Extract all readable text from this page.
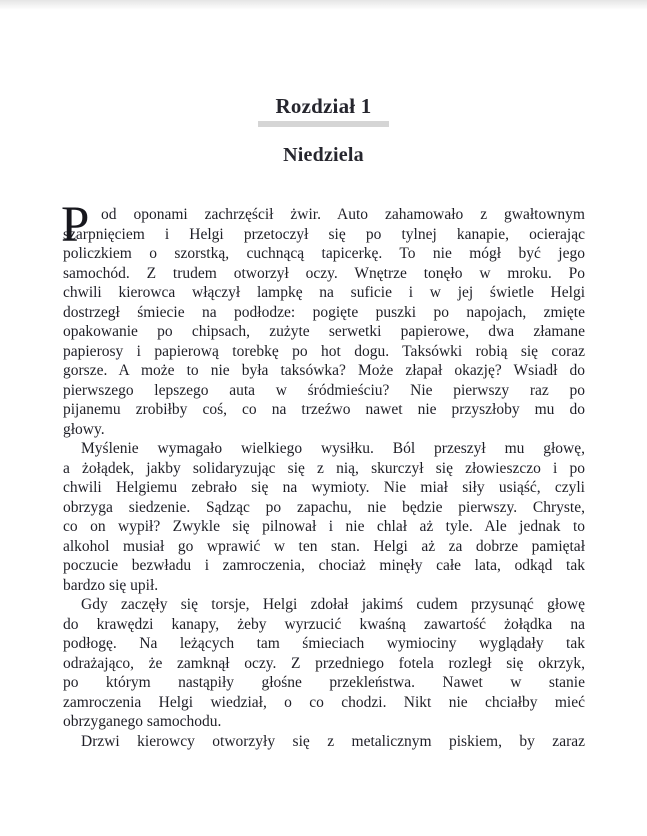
Rozdział 1
Niedziela
P od oponami zachrzęścił żwir. Auto zahamowało z gwałtownym
szarpnięciem i Helgi przetoczył się po tylnej kanapie, ocierając
policzkiem o szorstką, cuchnącą tapicerkę. To nie mógł być jego
samochód. Z trudem otworzył oczy. Wnętrze tonęło w mroku. Po
chwili kierowca włączył lampkę na suficie i w jej świetle Helgi
dostrzegł śmiecie na podłodze: pogięte puszki po napojach, zmięte
opakowanie po chipsach, zużyte serwetki papierowe, dwa złamane
papierosy i papierową torebkę po hot dogu. Taksówki robią się coraz
gorsze. A może to nie była taksówka? Może złapał okazję? Wsiadł do
pierwszego lepszego auta w śródmieściu? Nie pierwszy raz po
pijanemu zrobiłby coś, co na trzeźwo nawet nie przyszłoby mu do
głowy.
Myślenie wymagało wielkiego wysiłku. Ból przeszył mu głowę,
a żołądek, jakby solidaryzując się z nią, skurczył się złowieszczo i po
chwili Helgiemu zebrało się na wymioty. Nie miał siły usiąść, czyli
obrzyga siedzenie. Sądząc po zapachu, nie będzie pierwszy. Chryste,
co on wypił? Zwykle się pilnował i nie chlał aż tyle. Ale jednak to
alkohol musiał go wprawić w ten stan. Helgi aż za dobrze pamiętał
poczucie bezwładu i zamroczenia, chociaż minęły całe lata, odkąd tak
bardzo się upił.
Gdy zaczęły się torsje, Helgi zdołał jakimś cudem przysunąć głowę
do krawędzi kanapy, żeby wyrzucić kwaśną zawartość żołądka na
podłogę. Na leżących tam śmieciach wymiociny wyglądały tak
odrażająco, że zamknął oczy. Z przedniego fotela rozległ się okrzyk,
po którym nastąpiły głośne przekleństwa. Nawet w stanie
zamroczenia Helgi wiedział, o co chodzi. Nikt nie chciałby mieć
obrzyganego samochodu.
Drzwi kierowcy otworzyły się z metalicznym piskiem, by zaraz
